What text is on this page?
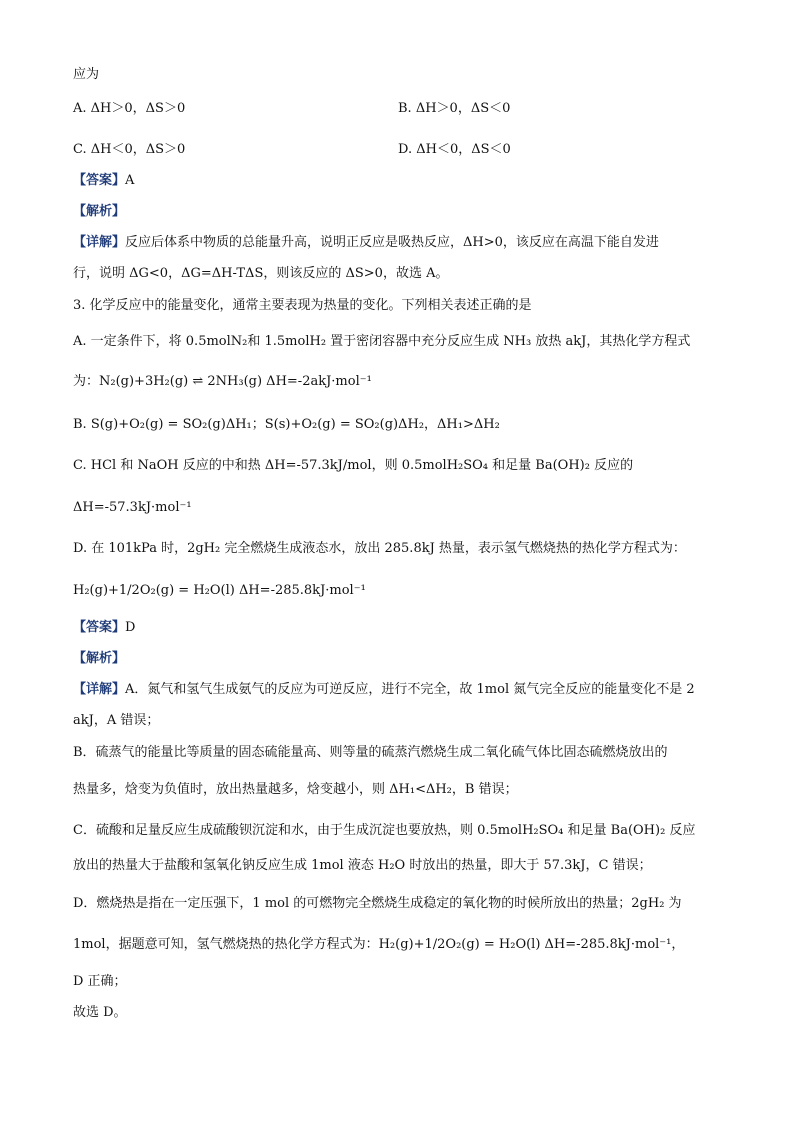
应为
A. ΔH＞0，ΔS＞0	B. ΔH＞0，ΔS＜0
C. ΔH＜0，ΔS＞0	D. ΔH＜0，ΔS＜0
【答案】A
【解析】
【详解】反应后体系中物质的总能量升高，说明正反应是吸热反应，ΔH>0，该反应在高温下能自发进
行，说明 ΔG<0，ΔG=ΔH-TΔS，则该反应的 ΔS>0，故选 A。
3. 化学反应中的能量变化，通常主要表现为热量的变化。下列相关表述正确的是
A. 一定条件下，将 0.5molN₂和 1.5molH₂ 置于密闭容器中充分反应生成 NH₃ 放热 akJ，其热化学方程式
为：N₂(g)+3H₂(g) ⇌ 2NH₃(g) ΔH=-2akJ·mol⁻¹
B. S(g)+O₂(g) = SO₂(g)ΔH₁；S(s)+O₂(g) = SO₂(g)ΔH₂，ΔH₁>ΔH₂
C. HCl 和 NaOH 反应的中和热 ΔH=-57.3kJ/mol，则 0.5molH₂SO₄ 和足量 Ba(OH)₂ 反应的
ΔH=-57.3kJ·mol⁻¹
D. 在 101kPa 时，2gH₂ 完全燃烧生成液态水，放出 285.8kJ 热量，表示氢气燃烧热的热化学方程式为：
H₂(g)+1/2O₂(g) = H₂O(l) ΔH=-285.8kJ·mol⁻¹
【答案】D
【解析】
【详解】A．氮气和氢气生成氨气的反应为可逆反应，进行不完全，故 1mol 氮气完全反应的能量变化不是 2
akJ，A 错误；
B．硫蒸气的能量比等质量的固态硫能量高、则等量的硫蒸汽燃烧生成二氧化硫气体比固态硫燃烧放出的
热量多，焓变为负值时，放出热量越多，焓变越小，则 ΔH₁<ΔH₂，B 错误；
C．硫酸和足量反应生成硫酸钡沉淀和水，由于生成沉淀也要放热，则 0.5molH₂SO₄ 和足量 Ba(OH)₂ 反应
放出的热量大于盐酸和氢氧化钠反应生成 1mol 液态 H₂O 时放出的热量，即大于 57.3kJ，C 错误；
D．燃烧热是指在一定压强下，1 mol 的可燃物完全燃烧生成稳定的氧化物的时候所放出的热量；2gH₂ 为
1mol，据题意可知，氢气燃烧热的热化学方程式为：H₂(g)+1/2O₂(g) = H₂O(l) ΔH=-285.8kJ·mol⁻¹，
D 正确；
故选 D。
